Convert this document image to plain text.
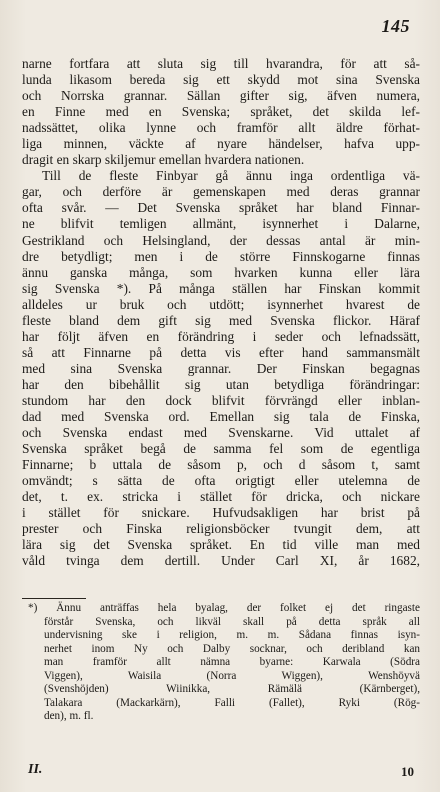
145
narne fortfara att sluta sig till hvarandra, för att så-
lunda likasom bereda sig ett skydd mot sina Svenska
och Norrska grannar. Sällan gifter sig, äfven numera,
en Finne med en Svenska; språket, det skilda lef-
nadssättet, olika lynne och framför allt äldre förhat-
liga minnen, väckte af nyare händelser, hafva upp-
dragit en skarp skiljemur emellan hvardera nationen.
Till de fleste Finbyar gå ännu inga ordentliga vä-
gar, och derföre är gemenskapen med deras grannar
ofta svår. — Det Svenska språket har bland Finnar-
ne blifvit temligen allmänt, isynnerhet i Dalarne,
Gestrikland och Helsingland, der dessas antal är min-
dre betydligt; men i de större Finnskogarne finnas
ännu ganska många, som hvarken kunna eller lära
sig Svenska *). På många ställen har Finskan kommit
alldeles ur bruk och utdött; isynnerhet hvarest de
fleste bland dem gift sig med Svenska flickor. Häraf
har följt äfven en förändring i seder och lefnadssätt,
så att Finnarne på detta vis efter hand sammansmält
med sina Svenska grannar. Der Finskan begagnas
har den bibehållit sig utan betydliga förändringar:
stundom har den dock blifvit förvrängd eller inblan-
dad med Svenska ord. Emellan sig tala de Finska,
och Svenska endast med Svenskarne. Vid uttalet af
Svenska språket begå de samma fel som de egentliga
Finnarne; b uttala de såsom p, och d såsom t, samt
omvändt; s sätta de ofta origtigt eller utelemna de
det, t. ex. stricka i stället för dricka, och nickare
i stället för snickare. Hufvudsakligen har brist på
prester och Finska religionsböcker tvungit dem, att
lära sig det Svenska språket. En tid ville man med
våld tvinga dem dertill. Under Carl XI, år 1682,
*) Ännu anträffas hela byalag, der folket ej det ringaste
förstår Svenska, och likväl skall på detta språk all
undervisning ske i religion, m. m. Sådana finnas isyn-
nerhet inom Ny och Dalby socknar, och deribland kan
man framför allt nämna byarne: Karwala (Södra
Viggen), Waisila (Norra Wiggen), Wenshöyvä
(Svenshöjden) Wiinikka, Rämälä (Kärnberget),
Talakara (Mackarkärn), Falli (Fallet), Ryki (Rög-
den), m. fl.
II.	10
